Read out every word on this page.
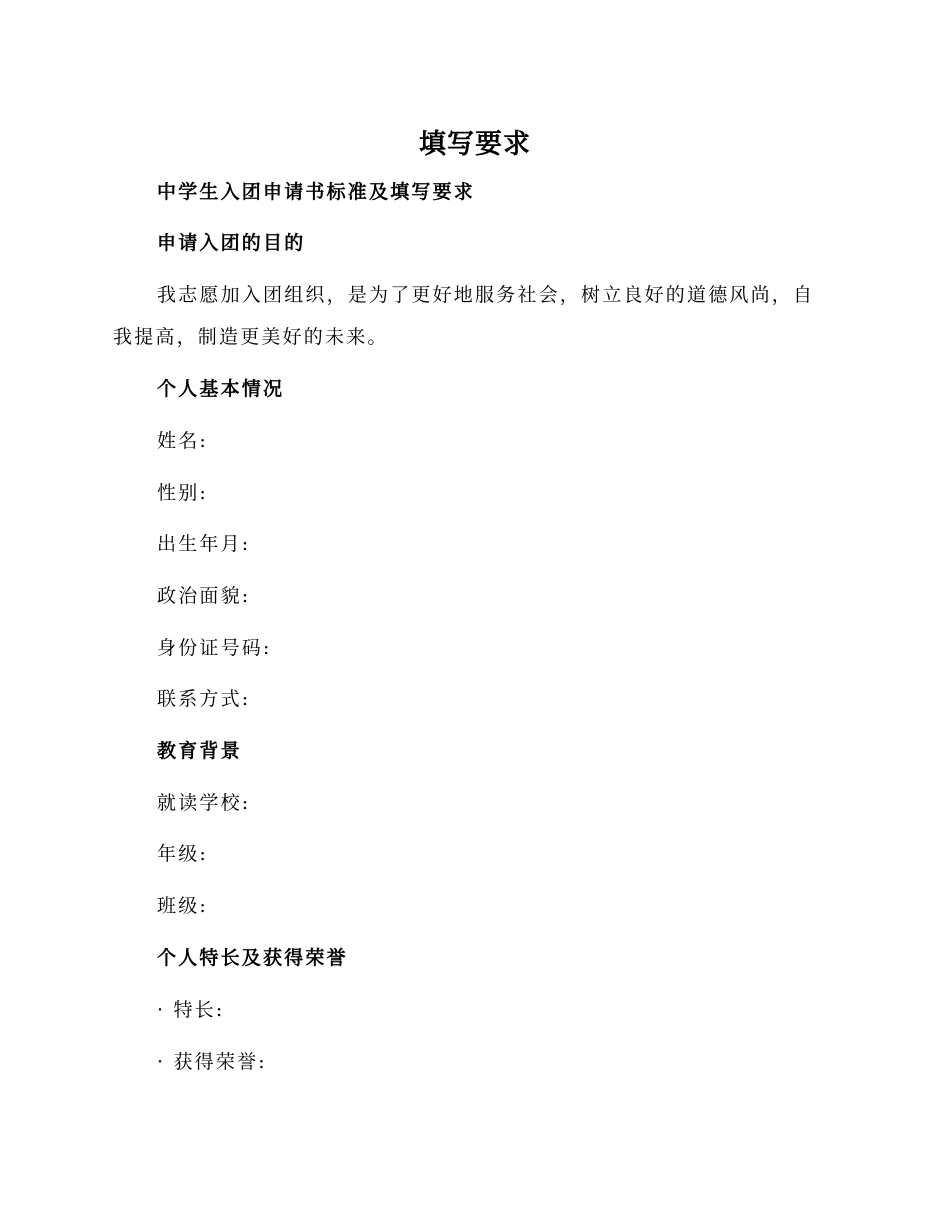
填写要求
中学生入团申请书标准及填写要求
申请入团的目的
我志愿加入团组织，是为了更好地服务社会，树立良好的道德风尚，自我提高，制造更美好的未来。
个人基本情况
姓名:
性别:
出生年月:
政治面貌:
身份证号码:
联系方式:
教育背景
就读学校:
年级:
班级:
个人特长及获得荣誉
· 特长:
· 获得荣誉:
